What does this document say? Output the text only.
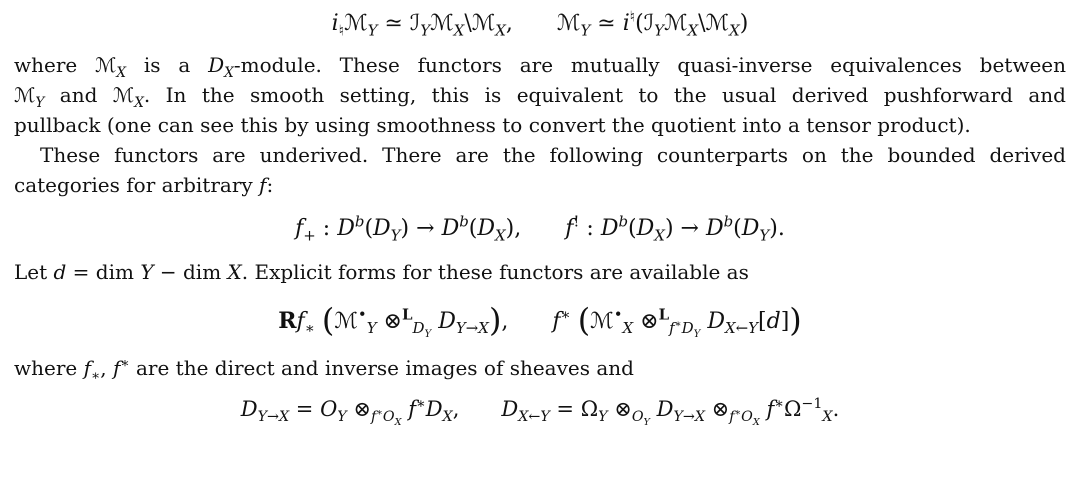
$i_♮ℳ_Y$ ≃ ℐ$_Y$ℳ$_X$\ℳ$_X$,  ℳ$_Y$ ≃ i♮(ℐ$_Y$ℳ$_X$\ℳ$_X$)
where ℳ$_X$ is a $D_X$-module. These functors are mutually quasi-inverse equivalences between
ℳ$_Y$ and ℳ$_X$. In the smooth setting, this is equivalent to the usual derived pushforward and
pullback (one can see this by using smoothness to convert the quotient into a tensor product).
These functors are underived. There are the following counterparts on the bounded derived
categories for arbitrary f:
$f_+$ : $D^b(D_Y) \to D^b(D_X)$,  f! : $D^b(D_X) \to D^b(D_Y)$.
Let d = dim Y − dim X. Explicit forms for these functors are available as
$Rf_∗$ (ℳ•$_Y$ ⊗$^L_{D_Y}$ $D_{Y\to X}$),  f∗ (ℳ•$_X$ ⊗$^L_{f^∗D_Y}$ $D_{X\leftarrow Y}[d]$)
where $f_∗$, f∗ are the direct and inverse images of sheaves and
$D_{Y\to X} = O_Y$ $\otimes_{f^∗O_X}$ $f^∗D_X$,  $D_{X\leftarrow Y} = \Omega_Y$ $\otimes_{O_Y}$ $D_{Y\to X}$ $\otimes_{f^∗O_X}$ $f^∗\Omega^{-1}_X$.
